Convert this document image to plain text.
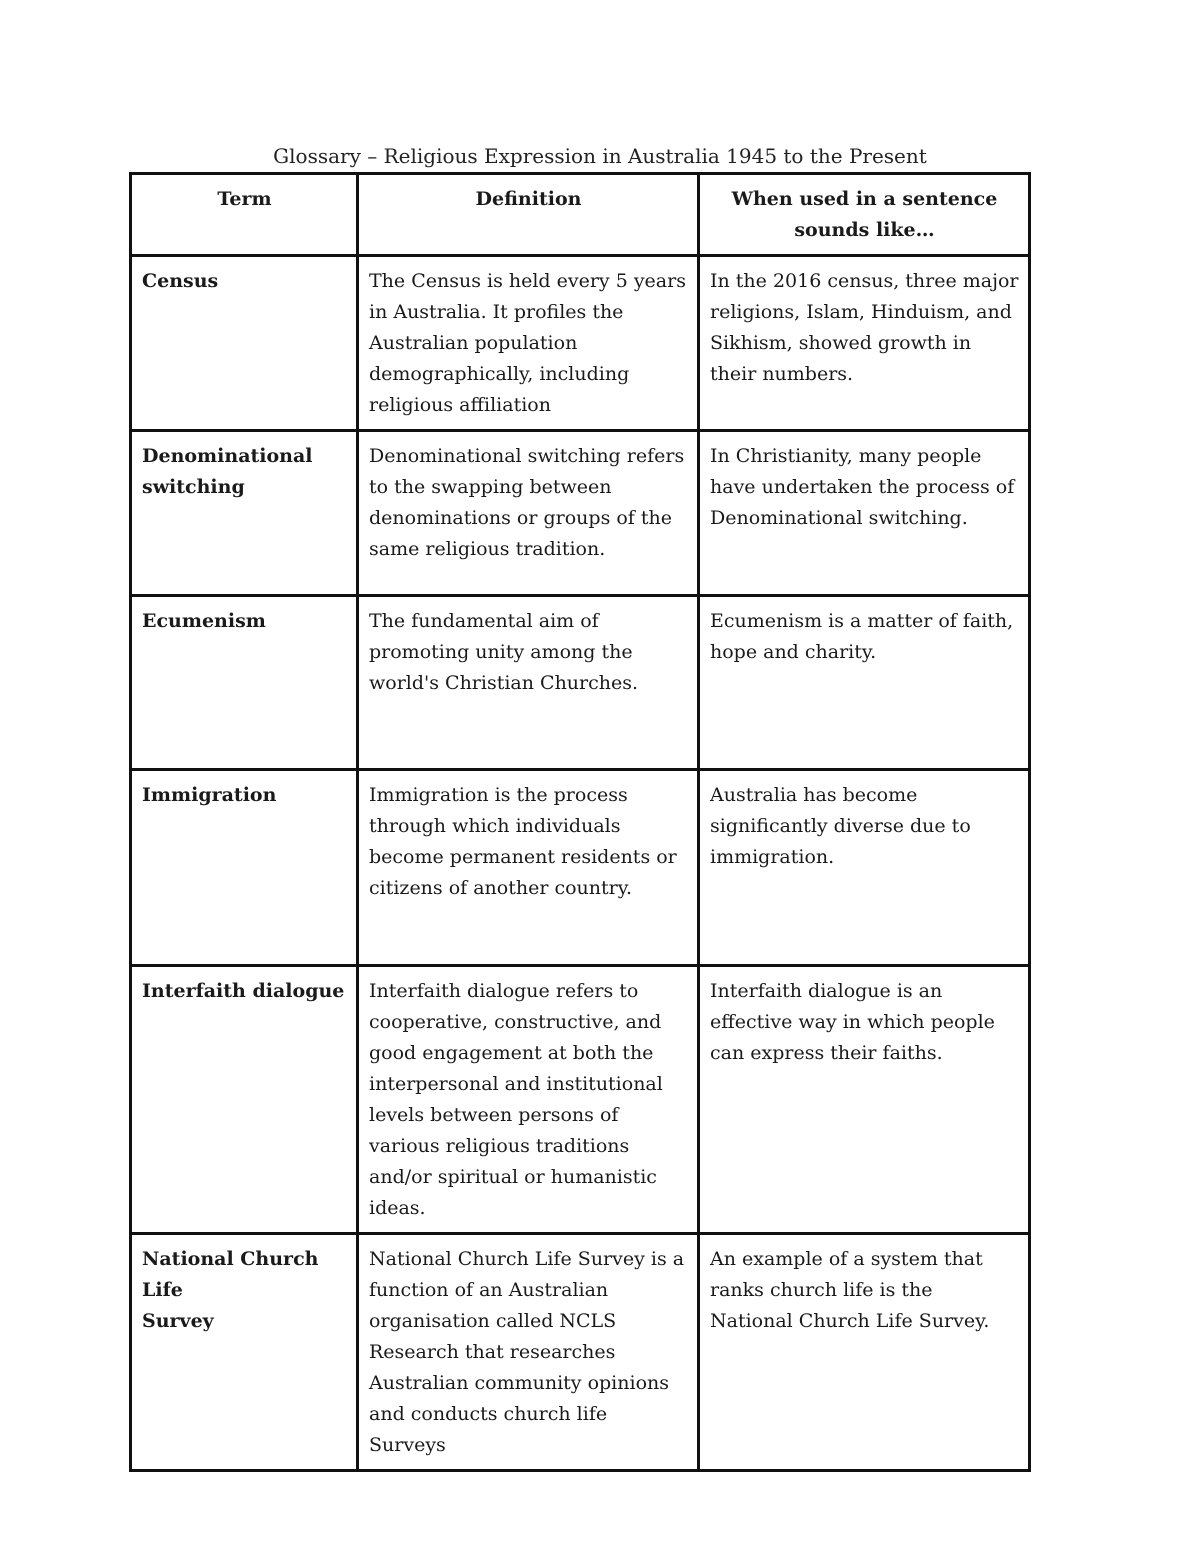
Glossary – Religious Expression in Australia 1945 to the Present
Term	Definition	When used in a sentence
sounds like…
Census	The Census is held every 5 years in Australia. It profiles the Australian population demographically, including religious affiliation	In the 2016 census, three major religions, Islam, Hinduism, and Sikhism, showed growth in their numbers.
Denominational switching	Denominational switching refers to the swapping between denominations or groups of the same religious tradition.	In Christianity, many people have undertaken the process of Denominational switching.
Ecumenism	The fundamental aim of promoting unity among the world's Christian Churches.	Ecumenism is a matter of faith, hope and charity.
Immigration	Immigration is the process through which individuals become permanent residents or citizens of another country.	Australia has become significantly diverse due to immigration.
Interfaith dialogue	Interfaith dialogue refers to cooperative, constructive, and good engagement at both the interpersonal and institutional levels between persons of various religious traditions and/or spiritual or humanistic ideas.	Interfaith dialogue is an effective way in which people can express their faiths.
National Church Life
Survey	National Church Life Survey is a function of an Australian organisation called NCLS Research that researches Australian community opinions and conducts church life Surveys	An example of a system that ranks church life is the National Church Life Survey.
